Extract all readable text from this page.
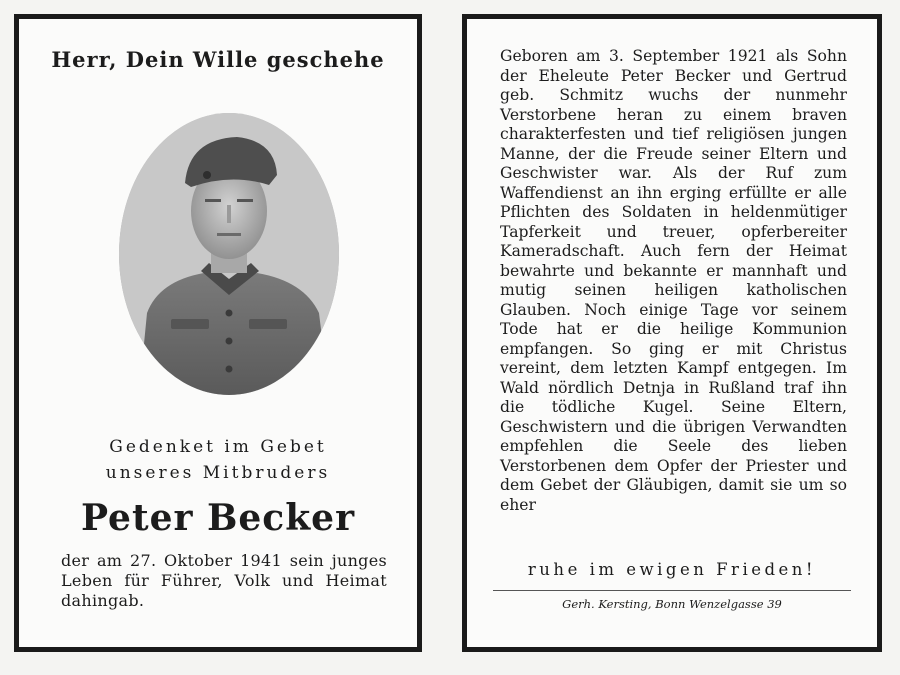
Herr, Dein Wille geschehe
Gedenket im Gebet
unseres Mitbruders
Peter Becker
der am 27. Oktober 1941 sein junges Leben für Führer, Volk und Heimat dahingab.
Geboren am 3. September 1921 als Sohn der Eheleute Peter Becker und Gertrud geb. Schmitz wuchs der nunmehr Verstorbene heran zu einem braven charakterfesten und tief religiösen jungen Manne, der die Freude seiner Eltern und Geschwister war. Als der Ruf zum Waffendienst an ihn erging erfüllte er alle Pflichten des Soldaten in heldenmütiger Tapferkeit und treuer, opferbereiter Kameradschaft. Auch fern der Heimat bewahrte und bekannte er mannhaft und mutig seinen heiligen katholischen Glauben. Noch einige Tage vor seinem Tode hat er die heilige Kommunion empfangen. So ging er mit Christus vereint, dem letzten Kampf entgegen. Im Wald nördlich Detnja in Rußland traf ihn die tödliche Kugel. Seine Eltern, Geschwistern und die übrigen Verwandten empfehlen die Seele des lieben Verstorbenen dem Opfer der Priester und dem Gebet der Gläubigen, damit sie um so eher
ruhe im ewigen Frieden!
Gerh. Kersting, Bonn Wenzelgasse 39
